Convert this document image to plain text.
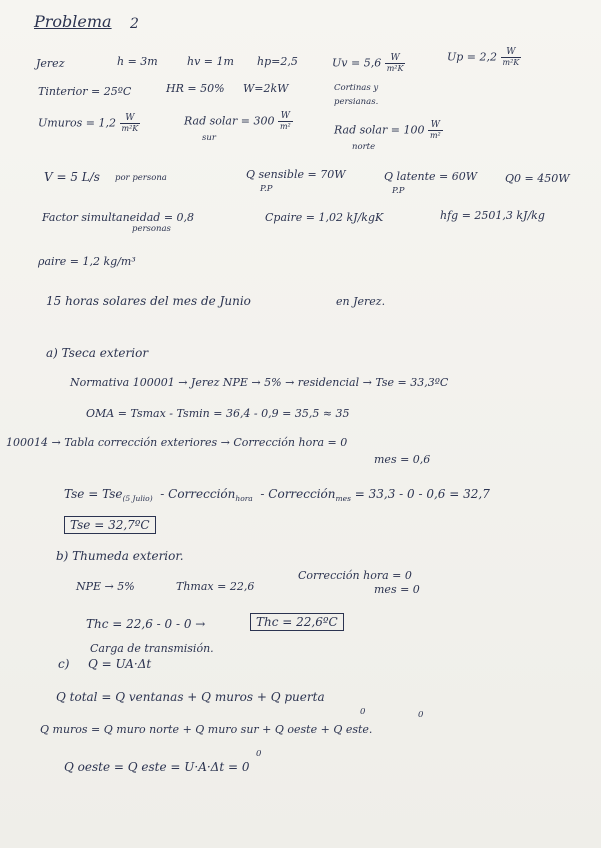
Problema 2
Jerez	h = 3m	hv = 1m hp=2,5	$Uv = 5,6 \frac{W}{\text{m²K}}$	$Up = 2,2 \frac{W}{\text{m²K}}$
Tinterior = 25ºC	HR = 50% W=2kW	Cortinas y
persianas.
Umuros = $1,2 \frac{W}{\text{m²K}}$	Rad solar = $300 \frac{W}{\text{m²}}$
sur
Rad solar = $100 \frac{W}{\text{m²}}$
norte
V = 5 L/s por persona	Q sensible = 70W
P.P
Q latente = 60W
P.P
Q0 = 450W
Factor simultaneidad = 0,8
personas
Cpaire = 1,02 kJ/kgK	hfg = 2501,3 kJ/kg
ρaire = 1,2 kg/m³
15 horas solares del mes de Junio	en Jerez.
a) Tseca exterior
Normativa 100001 → Jerez NPE → 5% → residencial → Tse = 33,3ºC
OMA = Tsmax - Tsmin = 36,4 - 0,9 = 35,5 ≈ 35
100014 → Tabla corrección exteriores → Corrección hora = 0
mes = 0,6
Tse = Tse$_{(5 Julio)}$ - Corrección$_{hora}$ - Corrección$_{mes}$ = 33,3 - 0 - 0,6 = 32,7
Tse = 32,7ºC
b) Thumeda exterior.
NPE → 5%	Thmax = 22,6
Corrección hora = 0
mes = 0
Thc = 22,6 - 0 - 0 →	Thc = 22,6ºC
c)
Carga de transmisión.
Q = UA·Δt
Q total = Q ventanas + Q muros + Q puerta
Q muros = Q muro norte + Q muro sur + Q oeste + Q este.
0	0
Q oeste = Q este = U·A·Δt = 0
0
